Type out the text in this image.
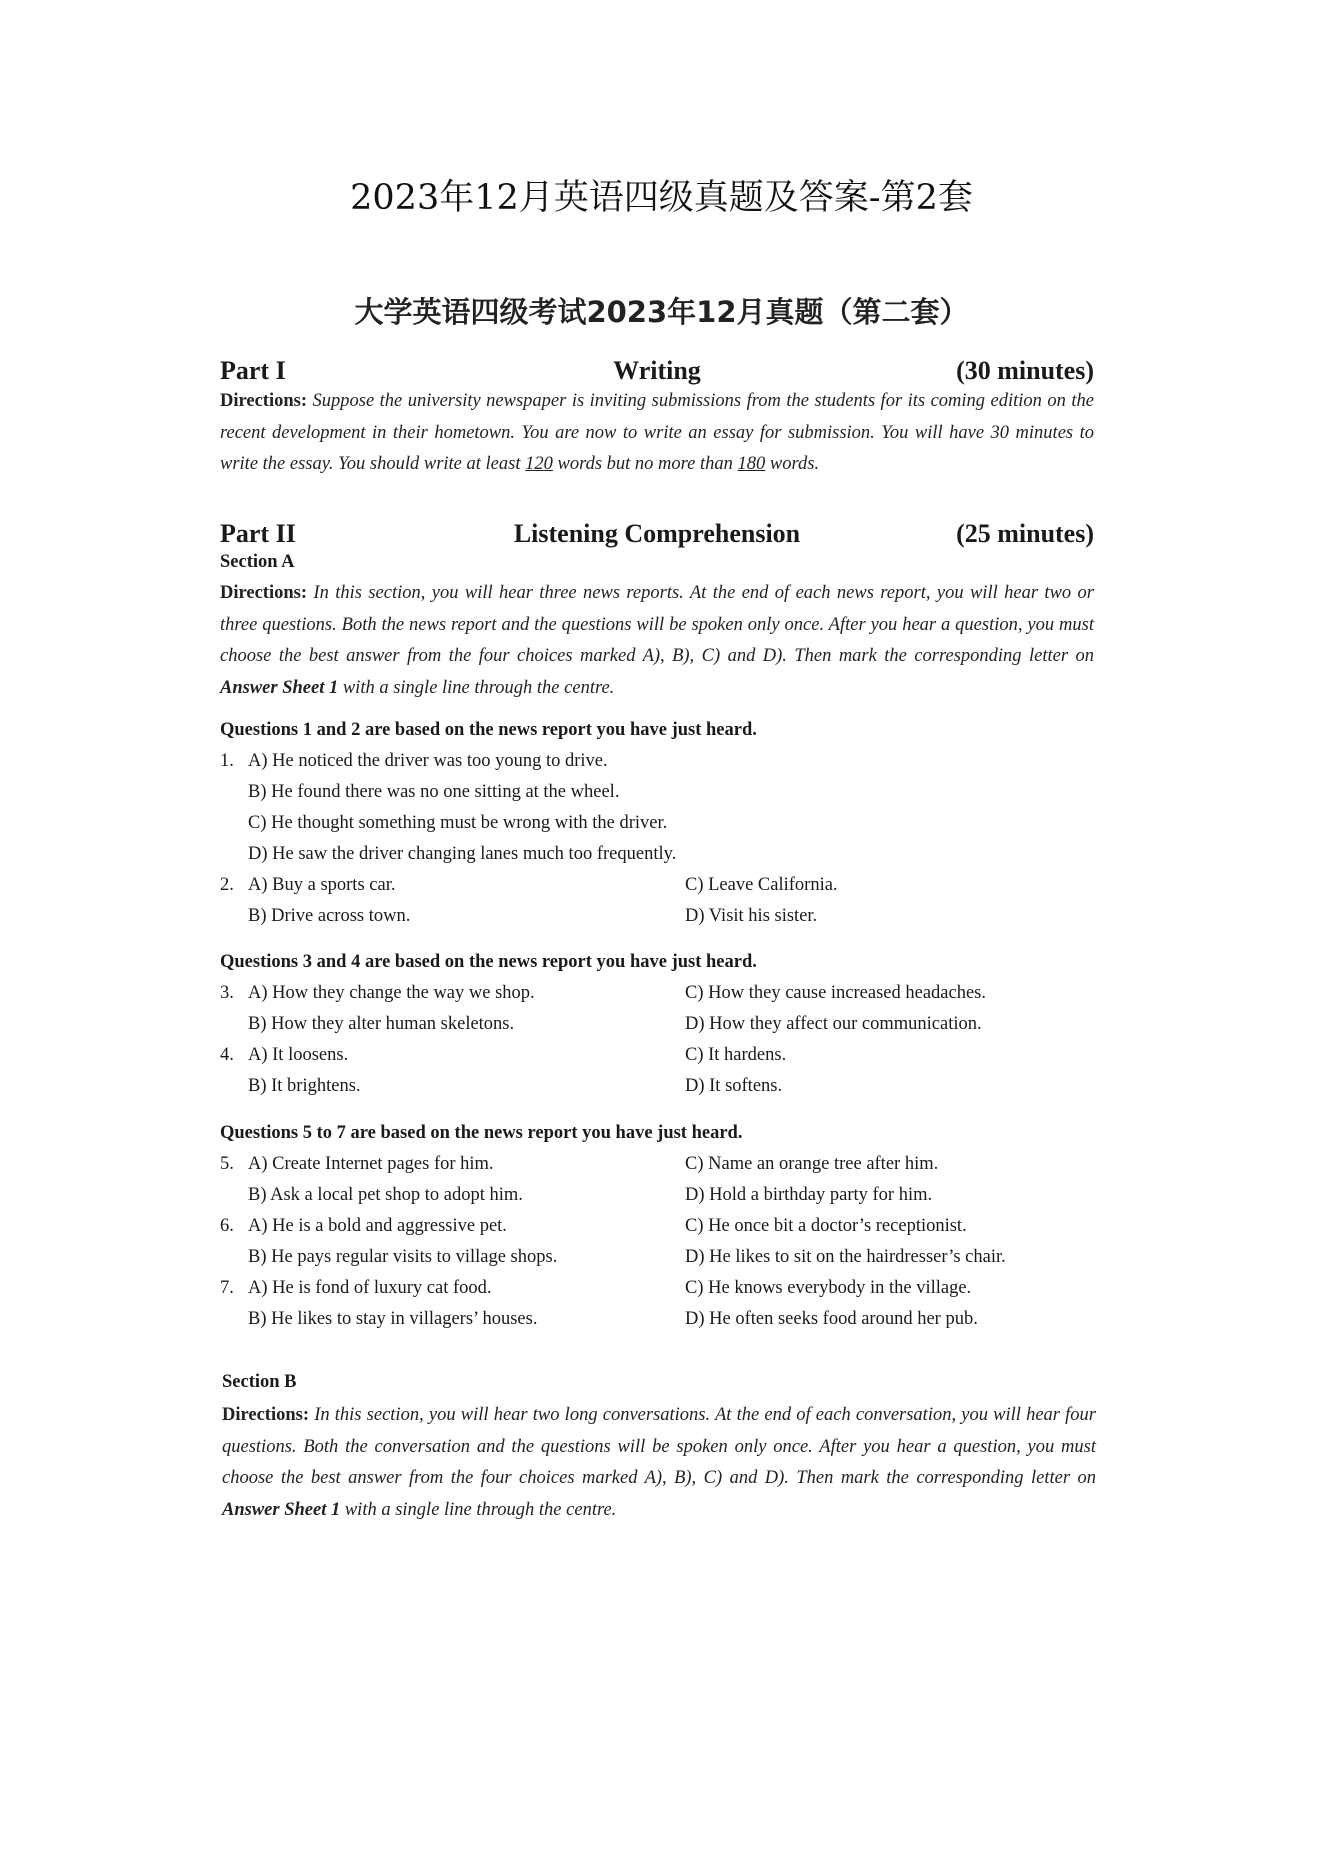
2023年12月英语四级真题及答案-第2套
大学英语四级考试2023年12月真题（第二套）
Part I	Writing	(30 minutes)
Directions: Suppose the university newspaper is inviting submissions from the students for its coming edition on the recent development in their hometown. You are now to write an essay for submission. You will have 30 minutes to write the essay. You should write at least 120 words but no more than 180 words.
Part II	Listening Comprehension	(25 minutes)
Section A
Directions: In this section, you will hear three news reports. At the end of each news report, you will hear two or three questions. Both the news report and the questions will be spoken only once. After you hear a question, you must choose the best answer from the four choices marked A), B), C) and D). Then mark the corresponding letter on Answer Sheet 1 with a single line through the centre.
Questions 1 and 2 are based on the news report you have just heard.
1. A) He noticed the driver was too young to drive.
B) He found there was no one sitting at the wheel.
C) He thought something must be wrong with the driver.
D) He saw the driver changing lanes much too frequently.
2. A) Buy a sports car.	C) Leave California.
B) Drive across town.	D) Visit his sister.
Questions 3 and 4 are based on the news report you have just heard.
3. A) How they change the way we shop.	C) How they cause increased headaches.
B) How they alter human skeletons.	D) How they affect our communication.
4. A) It loosens.	C) It hardens.
B) It brightens.	D) It softens.
Questions 5 to 7 are based on the news report you have just heard.
5. A) Create Internet pages for him.	C) Name an orange tree after him.
B) Ask a local pet shop to adopt him.	D) Hold a birthday party for him.
6. A) He is a bold and aggressive pet.	C) He once bit a doctor’s receptionist.
B) He pays regular visits to village shops.	D) He likes to sit on the hairdresser’s chair.
7. A) He is fond of luxury cat food.	C) He knows everybody in the village.
B) He likes to stay in villagers’ houses.	D) He often seeks food around her pub.
Section B
Directions: In this section, you will hear two long conversations. At the end of each conversation, you will hear four questions. Both the conversation and the questions will be spoken only once. After you hear a question, you must choose the best answer from the four choices marked A), B), C) and D). Then mark the corresponding letter on Answer Sheet 1 with a single line through the centre.
